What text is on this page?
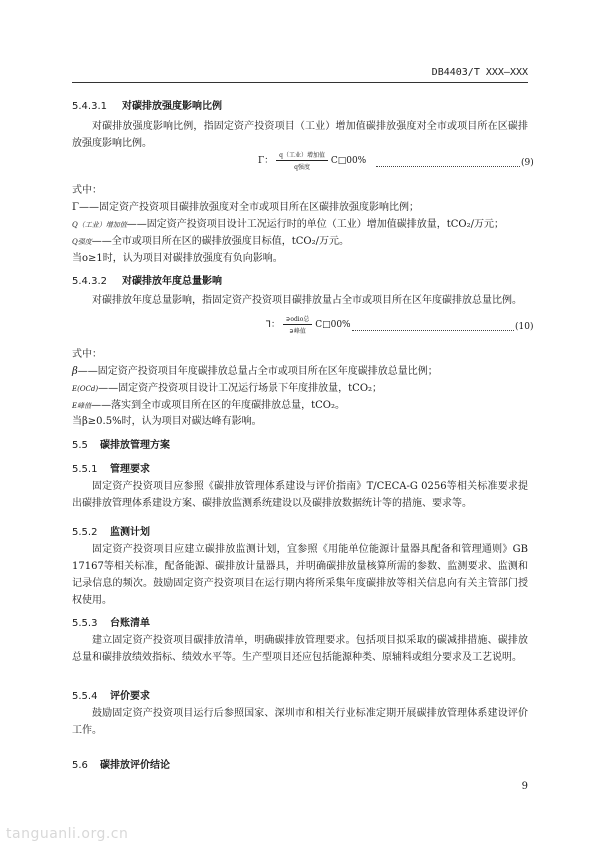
DB4403/T XXX—XXX
5.4.3.1 对碳排放强度影响比例
对碳排放强度影响比例，指固定资产投资项目（工业）增加值碳排放强度对全市或项目所在区碳排放强度影响比例。
Γ： $\frac{\text{q（工业）增加值}}{\text{q强度}}$ Ⅽ□00%	(9)
式中：
Γ——固定资产投资项目碳排放强度对全市或项目所在区碳排放强度影响比例；
Q（工业）增加值——固定资产投资项目设计工况运行时的单位（工业）增加值碳排放量，tCO₂/万元；
Q强度——全市或项目所在区的碳排放强度目标值，tCO₂/万元。
当ο≥1时，认为项目对碳排放强度有负向影响。
5.4.3.2 对碳排放年度总量影响
对碳排放年度总量影响，指固定资产投资项目碳排放量占全市或项目所在区年度碳排放总量比例。
⅂： $\frac{\text{∋odio总}}{\text{∋峰值}}$ Ⅽ□00%	(10)
式中：
β——固定资产投资项目年度碳排放总量占全市或项目所在区年度碳排放总量比例；
E(OCd)——固定资产投资项目设计工况运行场景下年度排放量，tCO₂；
E峰值——落实到全市或项目所在区的年度碳排放总量，tCO₂。
当β≥0.5%时，认为项目对碳达峰有影响。
5.5 碳排放管理方案
5.5.1 管理要求
固定资产投资项目应参照《碳排放管理体系建设与评价指南》T/CECA-G 0256等相关标准要求提出碳排放管理体系建设方案、碳排放监测系统建设以及碳排放数据统计等的措施、要求等。
5.5.2 监测计划
固定资产投资项目应建立碳排放监测计划，宜参照《用能单位能源计量器具配备和管理通则》GB 17167等相关标准，配备能源、碳排放计量器具，并明确碳排放量核算所需的参数、监测要求、监测和记录信息的频次。鼓励固定资产投资项目在运行期内将所采集年度碳排放等相关信息向有关主管部门授权使用。
5.5.3 台账清单
建立固定资产投资项目碳排放清单，明确碳排放管理要求。包括项目拟采取的碳减排措施、碳排放总量和碳排放绩效指标、绩效水平等。生产型项目还应包括能源种类、原辅料或组分要求及工艺说明。
5.5.4 评价要求
鼓励固定资产投资项目运行后参照国家、深圳市和相关行业标准定期开展碳排放管理体系建设评价工作。
5.6 碳排放评价结论
9
tanguanli.org.cn
